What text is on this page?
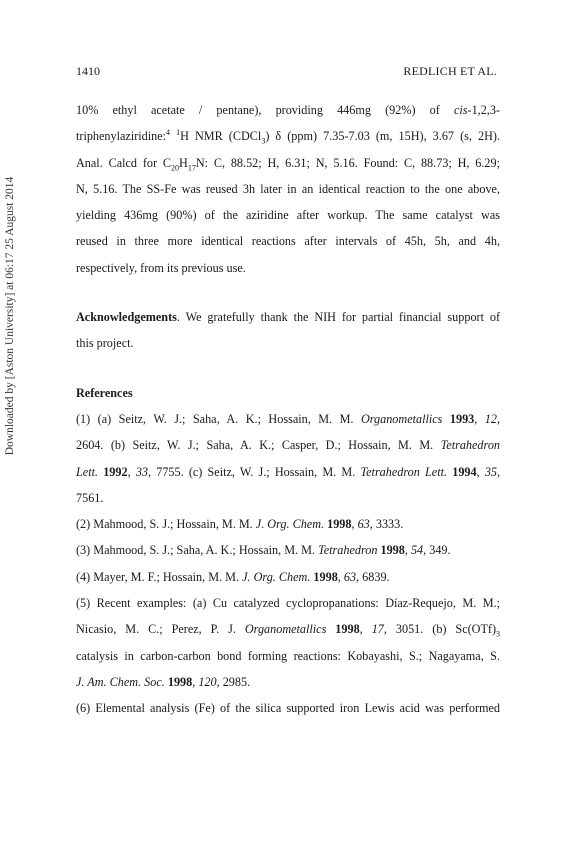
Downloaded by [Aston University] at 06:17 25 August 2014
1410	REDLICH ET AL.
10% ethyl acetate / pentane), providing 446mg (92%) of cis-1,2,3-
triphenylaziridine:$^4$ $^1$H NMR (CDCl$_3$) δ (ppm) 7.35-7.03 (m, 15H), 3.67 (s, 2H).
Anal. Calcd for $C_{20}H_{17}N$: C, 88.52; H, 6.31; N, 5.16. Found: C, 88.73; H, 6.29;
N, 5.16. The SS-Fe was reused 3h later in an identical reaction to the one above,
yielding 436mg (90%) of the aziridine after workup. The same catalyst was
reused in three more identical reactions after intervals of 45h, 5h, and 4h,
respectively, from its previous use.
Acknowledgements. We gratefully thank the NIH for partial financial support of
this project.
References
(1) (a) Seitz, W. J.; Saha, A. K.; Hossain, M. M. Organometallics 1993, 12,
2604. (b) Seitz, W. J.; Saha, A. K.; Casper, D.; Hossain, M. M. Tetrahedron
Lett. 1992, 33, 7755. (c) Seitz, W. J.; Hossain, M. M. Tetrahedron Lett. 1994, 35,
7561.
(2) Mahmood, S. J.; Hossain, M. M. J. Org. Chem. 1998, 63, 3333.
(3) Mahmood, S. J.; Saha, A. K.; Hossain, M. M. Tetrahedron 1998, 54, 349.
(4) Mayer, M. F.; Hossain, M. M. J. Org. Chem. 1998, 63, 6839.
(5) Recent examples: (a) Cu catalyzed cyclopropanations: Díaz-Requejo, M. M.;
Nicasio, M. C.; Perez, P. J. Organometallics 1998, 17, 3051. (b) $Sc(OTf)_3$
catalysis in carbon-carbon bond forming reactions: Kobayashi, S.; Nagayama, S.
J. Am. Chem. Soc. 1998, 120, 2985.
(6) Elemental analysis (Fe) of the silica supported iron Lewis acid was performed
